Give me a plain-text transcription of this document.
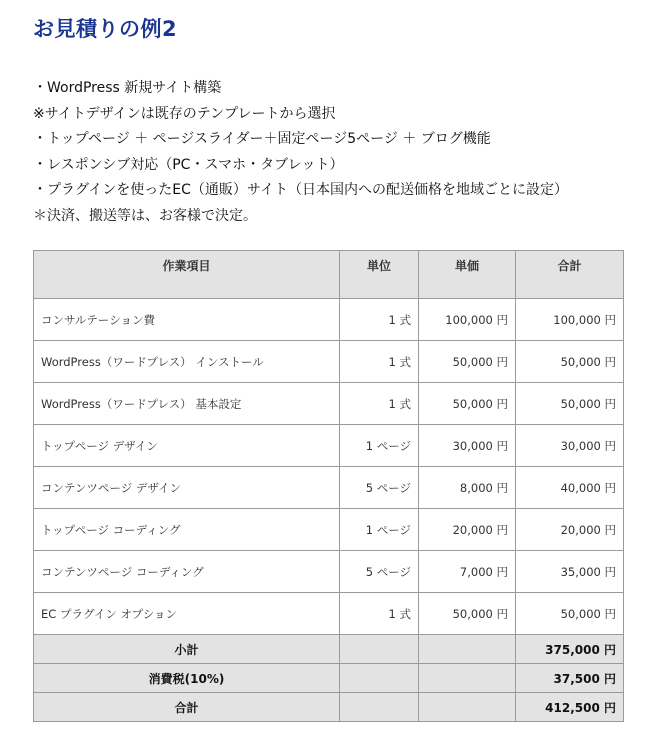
お見積りの例2
・WordPress 新規サイト構築
※サイトデザインは既存のテンプレートから選択
・トップページ ＋ ページスライダー＋固定ページ5ページ ＋ ブログ機能
・レスポンシブ対応（PC・スマホ・タブレット）
・プラグインを使ったEC（通販）サイト（日本国内への配送価格を地域ごとに設定）
＊決済、搬送等は、お客様で決定。
作業項目	単位	単価	合計
コンサルテーション費	1 式	100,000 円	100,000 円
WordPress（ワードプレス） インストール	1 式	50,000 円	50,000 円
WordPress（ワードプレス） 基本設定	1 式	50,000 円	50,000 円
トップページ デザイン	1 ページ	30,000 円	30,000 円
コンテンツページ デザイン	5 ページ	8,000 円	40,000 円
トップページ コーディング	1 ページ	20,000 円	20,000 円
コンテンツページ コーディング	5 ページ	7,000 円	35,000 円
EC プラグイン オプション	1 式	50,000 円	50,000 円
小計			375,000 円
消費税(10%)			37,500 円
合計			412,500 円
